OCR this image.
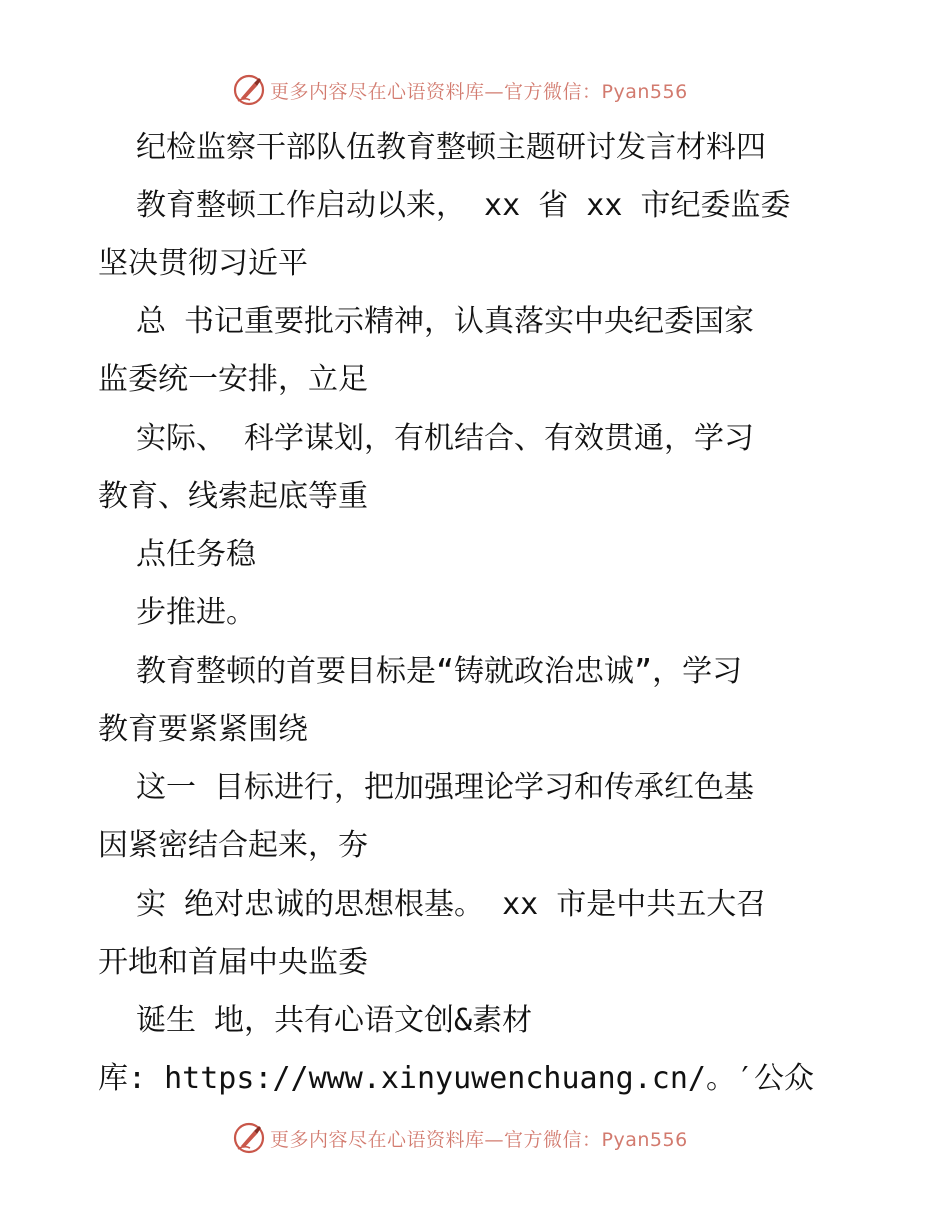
更多内容尽在心语资料库—官方微信：Pyan556
纪检监察干部队伍教育整顿主题研讨发言材料四
教育整顿工作启动以来， xx 省 xx 市纪委监委
坚决贯彻习近平
总 书记重要批示精神，认真落实中央纪委国家
监委统一安排，立足
实际、 科学谋划，有机结合、有效贯通，学习
教育、线索起底等重
点任务稳
步推进。
教育整顿的首要目标是“铸就政治忠诚”，学习
教育要紧紧围绕
这一 目标进行，把加强理论学习和传承红色基
因紧密结合起来，夯
实 绝对忠诚的思想根基。 xx 市是中共五大召
开地和首届中央监委
诞生 地，共有心语文创&素材
库: https://www.xinyuwenchuang.cn/。′公众
更多内容尽在心语资料库—官方微信：Pyan556
